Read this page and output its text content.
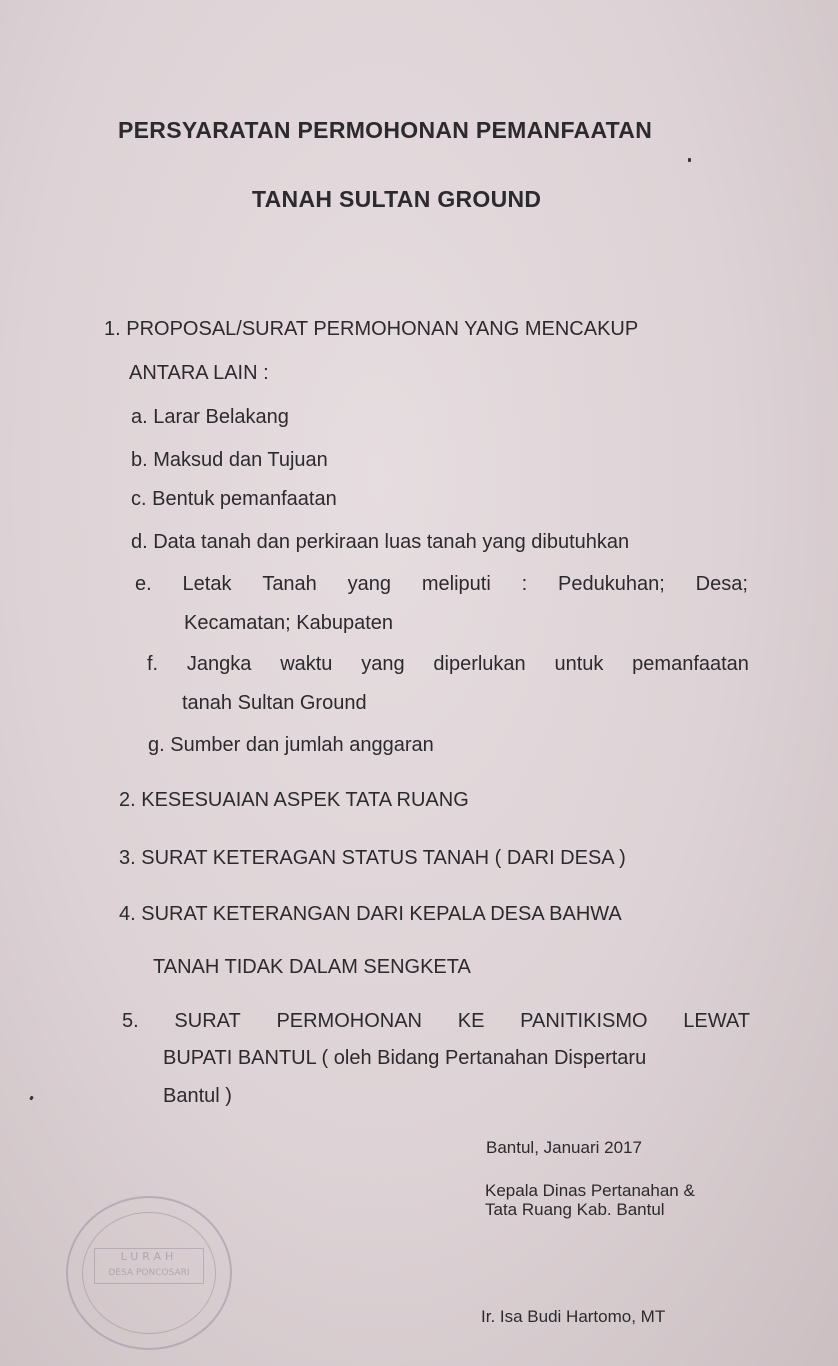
PERSYARATAN PERMOHONAN PEMANFAATAN
TANAH SULTAN GROUND
1. PROPOSAL/SURAT PERMOHONAN YANG MENCAKUP
ANTARA LAIN :
a. Larar Belakang
b. Maksud dan Tujuan
c. Bentuk pemanfaatan
d. Data tanah dan perkiraan luas tanah yang dibutuhkan
e. Letak Tanah yang meliputi : Pedukuhan; Desa;
Kecamatan; Kabupaten
f. Jangka waktu yang diperlukan untuk pemanfaatan
tanah Sultan Ground
g. Sumber dan jumlah anggaran
2. KESESUAIAN ASPEK TATA RUANG
3. SURAT KETERAGAN STATUS TANAH ( DARI DESA )
4. SURAT KETERANGAN DARI KEPALA DESA BAHWA
TANAH TIDAK DALAM SENGKETA
5. SURAT PERMOHONAN KE PANITIKISMO LEWAT
BUPATI BANTUL ( oleh Bidang Pertanahan Dispertaru
Bantul )
Bantul, Januari 2017
Kepala Dinas Pertanahan &
Tata Ruang Kab. Bantul
Ir. Isa Budi Hartomo, MT
LURAH
DESA PONCOSARI
